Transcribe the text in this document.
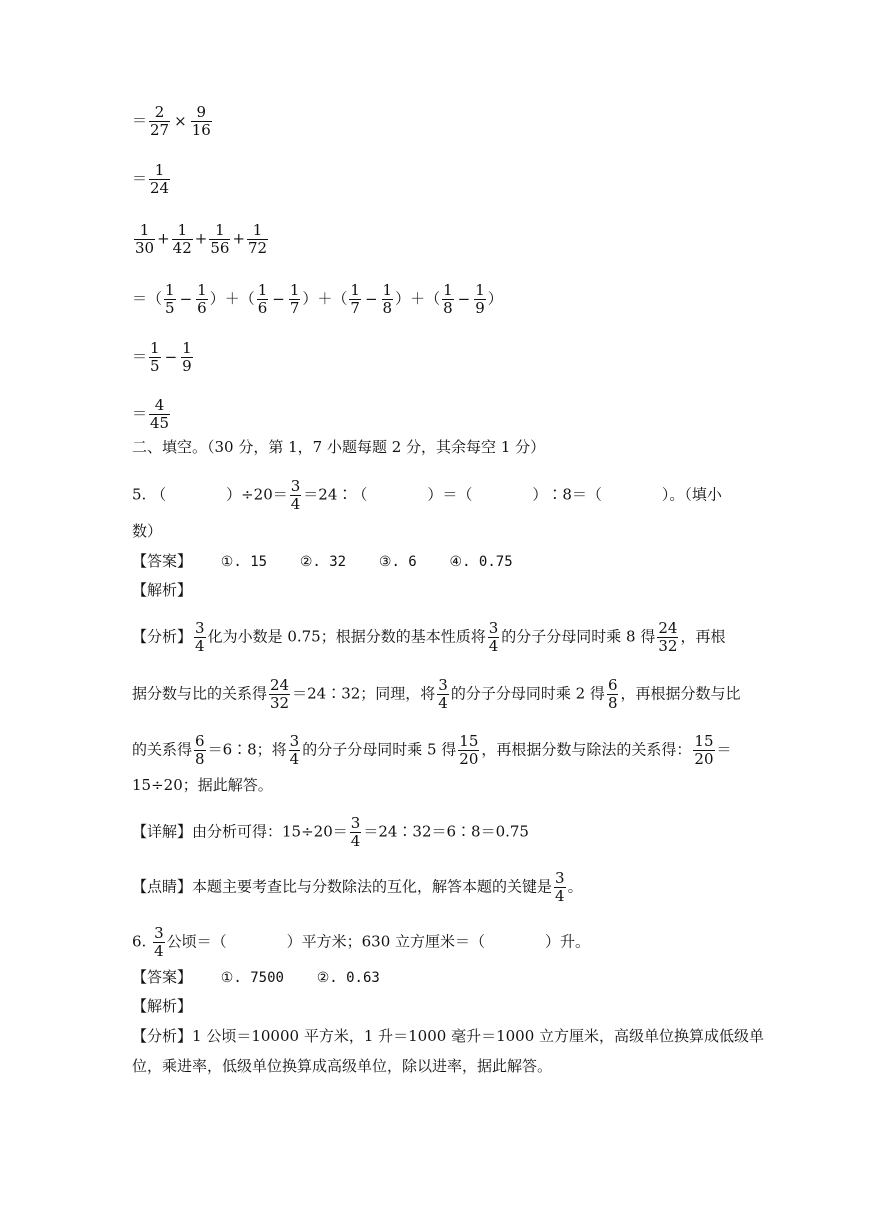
＝ $\frac{2}{27} \times \frac{9}{16}$
＝ $\frac{1}{24}$
$\frac{1}{30} + \frac{1}{42} + \frac{1}{56} + \frac{1}{72}$
＝（ $\frac{1}{5} - \frac{1}{6}$ ）＋（ $\frac{1}{6} - \frac{1}{7}$ ）＋（ $\frac{1}{7} - \frac{1}{8}$ ）＋（ $\frac{1}{8} - \frac{1}{9}$ ）
＝ $\frac{1}{5} - \frac{1}{9}$
＝ $\frac{4}{45}$
二、填空。（30 分，第 1，7 小题每题 2 分，其余每空 1 分）
5. （　　　　）$\div 20= \frac{3}{4}$ ＝24∶（　　　　）＝（　　　　）∶8＝（　　　　）。（填小
数）
【答案】 ①. 15 ②. 32 ③. 6 ④. 0.75
【解析】
【分析】 $\frac{3}{4}$ 化为小数是 0.75；根据分数的基本性质将 $\frac{3}{4}$ 的分子分母同时乘 8 得 $\frac{24}{32}$ ，再根
据分数与比的关系得 $\frac{24}{32}$ ＝24∶32；同理，将 $\frac{3}{4}$ 的分子分母同时乘 2 得 $\frac{6}{8}$ ，再根据分数与比
的关系得 $\frac{6}{8}$ ＝6∶8；将 $\frac{3}{4}$ 的分子分母同时乘 5 得 $\frac{15}{20}$ ，再根据分数与除法的关系得： $\frac{15}{20}$ ＝
15÷20；据此解答。
【详解】由分析可得：$15\div 20= \frac{3}{4}$ ＝24∶32＝6∶8＝0.75
【点睛】本题主要考查比与分数除法的互化，解答本题的关键是 $\frac{3}{4}$ 。
6. $\frac{3}{4}$ 公顷＝（　　　　）平方米；630 立方厘米＝（　　　　）升。
【答案】 ①. 7500 ②. 0.63
【解析】
【分析】1 公顷＝10000 平方米，1 升＝1000 毫升＝1000 立方厘米，高级单位换算成低级单
位，乘进率，低级单位换算成高级单位，除以进率，据此解答。
